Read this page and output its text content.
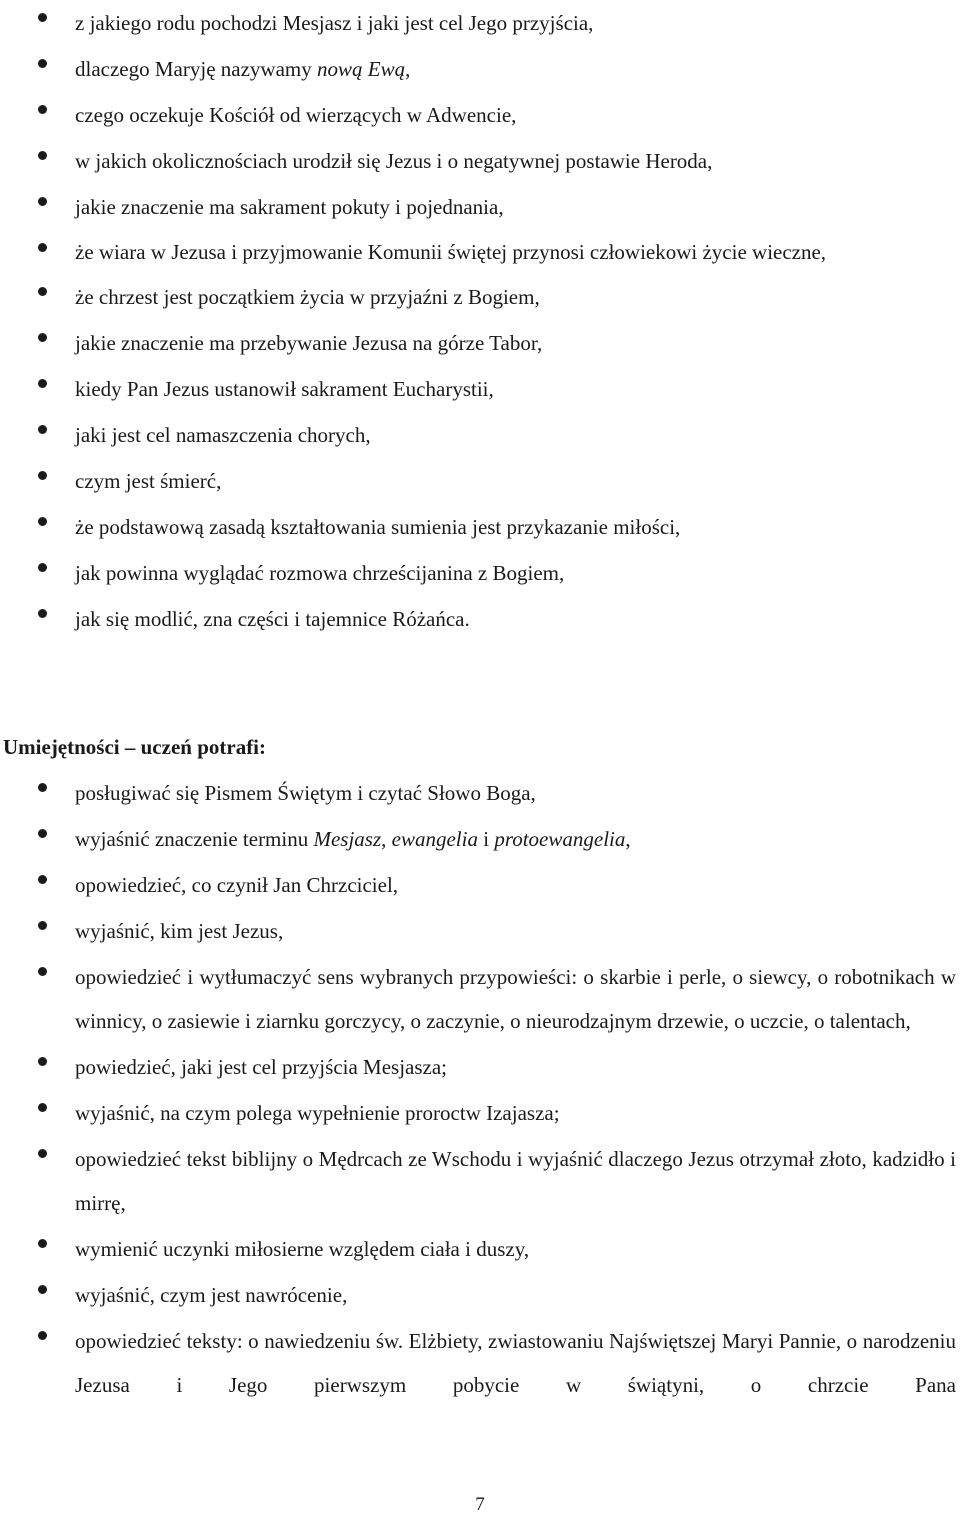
z jakiego rodu pochodzi Mesjasz i jaki jest cel Jego przyjścia,
dlaczego Maryję nazywamy nową Ewą,
czego oczekuje Kościół od wierzących w Adwencie,
w jakich okolicznościach urodził się Jezus i o negatywnej postawie Heroda,
jakie znaczenie ma sakrament pokuty i pojednania,
że wiara w Jezusa i przyjmowanie Komunii świętej przynosi człowiekowi życie wieczne,
że chrzest jest początkiem życia w przyjaźni z Bogiem,
jakie znaczenie ma przebywanie Jezusa na górze Tabor,
kiedy Pan Jezus ustanowił sakrament Eucharystii,
jaki jest cel namaszczenia chorych,
czym jest śmierć,
że podstawową zasadą kształtowania sumienia jest przykazanie miłości,
jak powinna wyglądać rozmowa chrześcijanina z Bogiem,
jak się modlić, zna części i tajemnice Różańca.
Umiejętności – uczeń potrafi:
posługiwać się Pismem Świętym i czytać Słowo Boga,
wyjaśnić znaczenie terminu Mesjasz, ewangelia i protoewangelia,
opowiedzieć, co czynił Jan Chrzciciel,
wyjaśnić, kim jest Jezus,
opowiedzieć i wytłumaczyć sens wybranych przypowieści: o skarbie i perle, o siewcy, o robotnikach w winnicy, o zasiewie i ziarnku gorczycy, o zaczynie, o nieurodzajnym drzewie, o uczcie, o talentach,
powiedzieć, jaki jest cel przyjścia Mesjasza;
wyjaśnić, na czym polega wypełnienie proroctw Izajasza;
opowiedzieć tekst biblijny o Mędrcach ze Wschodu i wyjaśnić dlaczego Jezus otrzymał złoto, kadzidło i mirrę,
wymienić uczynki miłosierne względem ciała i duszy,
wyjaśnić, czym jest nawrócenie,
opowiedzieć teksty: o nawiedzeniu św. Elżbiety, zwiastowaniu Najświętszej Maryi Pannie, o narodzeniu Jezusa i Jego pierwszym pobycie w świątyni, o chrzcie Pana
7
